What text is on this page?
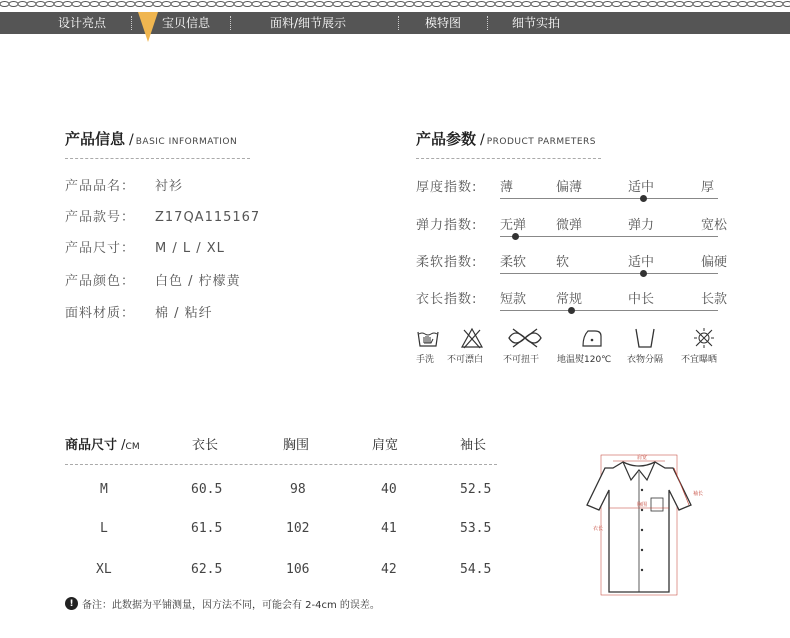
设计亮点	宝贝信息	面料/细节展示	模特图	细节实拍
产品信息 / BASIC INFORMATION
产品品名： 衬衫
产品款号： Z17QA115167
产品尺寸： M / L / XL
产品颜色： 白色 / 柠檬黄
面料材质： 棉 / 粘纤
产品参数 / PRODUCT PARMETERS
厚度指数: 薄	偏薄	适中	厚
弹力指数: 无弹 微弹	弹力	宽松
柔软指数: 柔软 软	适中	偏硬
衣长指数: 短款 常规	中长	长款
手洗 不可漂白 不可扭干 地温熨120℃ 衣物分隔 不宜曝晒
商品尺寸 /CM	衣长	胸围	肩宽	袖长
M	60.5	98	40	52.5
L	61.5	102	41	53.5
XL	62.5	106	42	54.5
! 备注：此数据为平铺测量，因方法不同，可能会有 2-4cm 的误差。
肩宽
胸围
衣长
袖长
